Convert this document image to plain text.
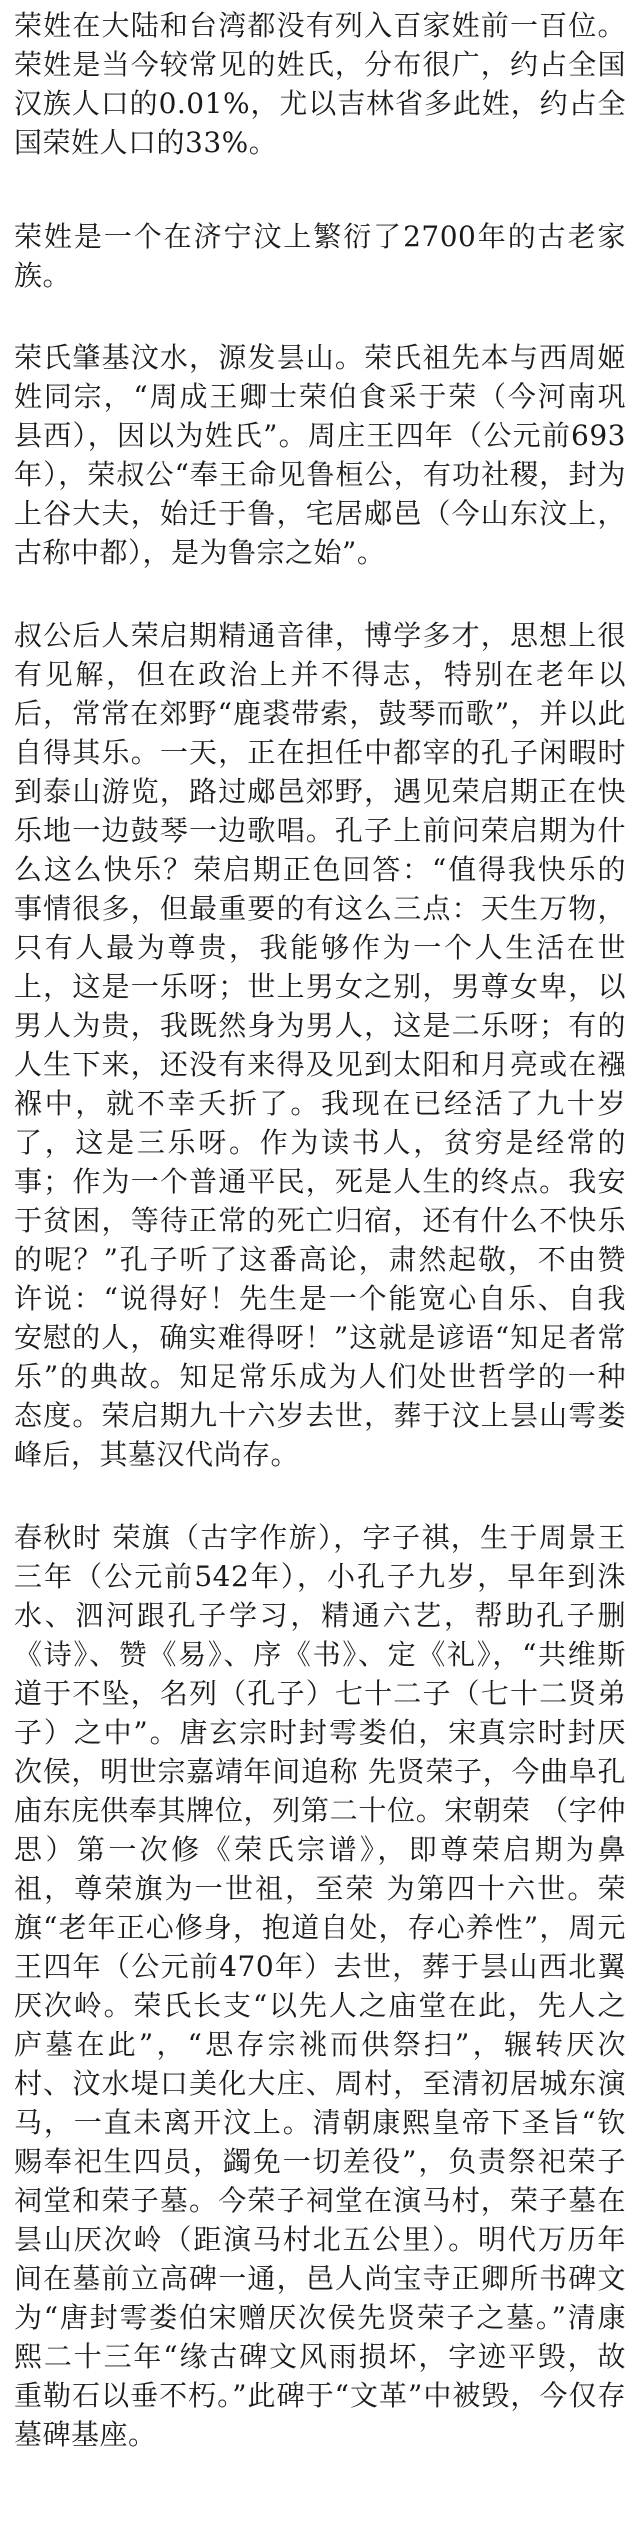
荣姓在大陆和台湾都没有列入百家姓前一百位。荣姓是当今较常见的姓氏，分布很广，约占全国汉族人口的0.01%，尤以吉林省多此姓，约占全国荣姓人口的33%。

荣姓是一个在济宁汶上繁衍了2700年的古老家族。

荣氏肇基汶水，源发昙山。荣氏祖先本与西周姬姓同宗，“周成王卿士荣伯食采于荣（今河南巩县西），因以为姓氏”。周庄王四年（公元前693年），荣叔公“奉王命见鲁桓公，有功社稷，封为上谷大夫，始迁于鲁，宅居郕邑（今山东汶上，古称中都），是为鲁宗之始”。

叔公后人荣启期精通音律，博学多才，思想上很有见解，但在政治上并不得志，特别在老年以后，常常在郊野“鹿裘带索，鼓琴而歌”，并以此自得其乐。一天，正在担任中都宰的孔子闲暇时到泰山游览，路过郕邑郊野，遇见荣启期正在快乐地一边鼓琴一边歌唱。孔子上前问荣启期为什么这么快乐？荣启期正色回答：“值得我快乐的事情很多，但最重要的有这么三点：天生万物，只有人最为尊贵，我能够作为一个人生活在世上，这是一乐呀；世上男女之别，男尊女卑，以男人为贵，我既然身为男人，这是二乐呀；有的人生下来，还没有来得及见到太阳和月亮或在襁褓中，就不幸夭折了。我现在已经活了九十岁了，这是三乐呀。作为读书人，贫穷是经常的事；作为一个普通平民，死是人生的终点。我安于贫困，等待正常的死亡归宿，还有什么不快乐的呢？”孔子听了这番高论，肃然起敬，不由赞许说：“说得好！先生是一个能宽心自乐、自我安慰的人，确实难得呀！”这就是谚语“知足者常乐”的典故。知足常乐成为人们处世哲学的一种态度。荣启期九十六岁去世，葬于汶上昙山雩娄峰后，其墓汉代尚存。

春秋时 荣旗（古字作旂），字子祺，生于周景王三年（公元前542年），小孔子九岁，早年到洙水、泗河跟孔子学习，精通六艺，帮助孔子删《诗》、赞《易》、序《书》、定《礼》，“共维斯道于不坠，名列（孔子）七十二子（七十二贤弟子）之中”。唐玄宗时封雩娄伯，宋真宗时封厌次侯，明世宗嘉靖年间追称 先贤荣子，今曲阜孔庙东庑供奉其牌位，列第二十位。宋朝荣 （字仲思）第一次修《荣氏宗谱》，即尊荣启期为鼻祖，尊荣旗为一世祖，至荣 为第四十六世。荣旗“老年正心修身，抱道自处，存心养性”，周元王四年（公元前470年）去世，葬于昙山西北翼厌次岭。荣氏长支“以先人之庙堂在此，先人之庐墓在此”，“思存宗祧而供祭扫”，辗转厌次村、汶水堤口美化大庄、周村，至清初居城东演马，一直未离开汶上。清朝康熙皇帝下圣旨“钦赐奉祀生四员，蠲免一切差役”，负责祭祀荣子祠堂和荣子墓。今荣子祠堂在演马村，荣子墓在昙山厌次岭（距演马村北五公里）。明代万历年间在墓前立高碑一通，邑人尚宝寺正卿所书碑文为“唐封雩娄伯宋赠厌次侯先贤荣子之墓。”清康熙二十三年“缘古碑文风雨损坏，字迹平毁，故重勒石以垂不朽。”此碑于“文革”中被毁，今仅存墓碑基座。
